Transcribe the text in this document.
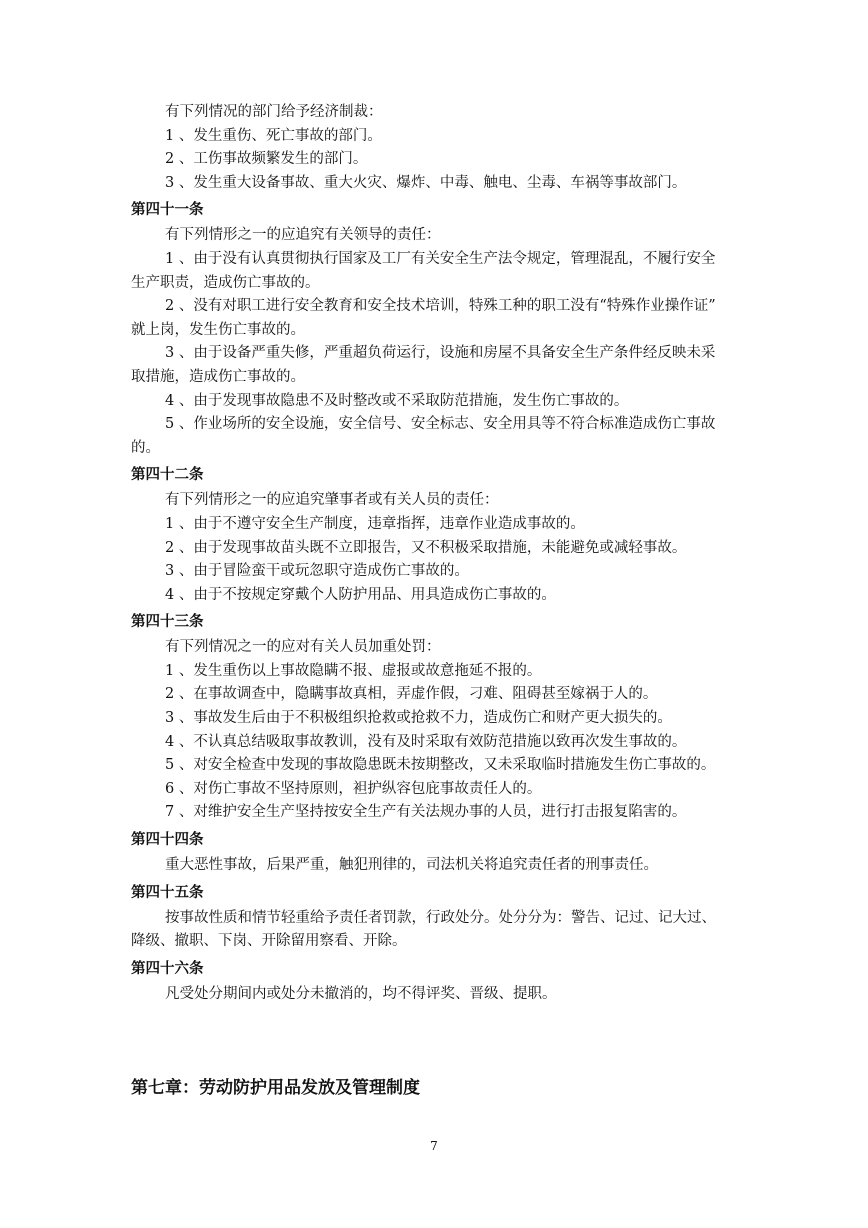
有下列情况的部门给予经济制裁：

1 、发生重伤、死亡事故的部门。

2 、工伤事故频繁发生的部门。

3 、发生重大设备事故、重大火灾、爆炸、中毒、触电、尘毒、车祸等事故部门。

第四十一条

有下列情形之一的应追究有关领导的责任：

1 、由于没有认真贯彻执行国家及工厂有关安全生产法令规定，管理混乱，不履行安全

生产职责，造成伤亡事故的。

2 、没有对职工进行安全教育和安全技术培训，特殊工种的职工没有“特殊作业操作证”

就上岗，发生伤亡事故的。

3 、由于设备严重失修，严重超负荷运行，设施和房屋不具备安全生产条件经反映未采

取措施，造成伤亡事故的。

4 、由于发现事故隐患不及时整改或不采取防范措施，发生伤亡事故的。

5 、作业场所的安全设施，安全信号、安全标志、安全用具等不符合标准造成伤亡事故

的。

第四十二条

有下列情形之一的应追究肇事者或有关人员的责任：

1 、由于不遵守安全生产制度，违章指挥，违章作业造成事故的。

2 、由于发现事故苗头既不立即报告，又不积极采取措施，未能避免或减轻事故。

3 、由于冒险蛮干或玩忽职守造成伤亡事故的。

4 、由于不按规定穿戴个人防护用品、用具造成伤亡事故的。

第四十三条

有下列情况之一的应对有关人员加重处罚：

1 、发生重伤以上事故隐瞒不报、虚报或故意拖延不报的。

2 、在事故调查中，隐瞒事故真相，弄虚作假，刁难、阻碍甚至嫁祸于人的。

3 、事故发生后由于不积极组织抢救或抢救不力，造成伤亡和财产更大损失的。

4 、不认真总结吸取事故教训，没有及时采取有效防范措施以致再次发生事故的。

5 、对安全检查中发现的事故隐患既未按期整改，又未采取临时措施发生伤亡事故的。

6 、对伤亡事故不坚持原则，袒护纵容包庇事故责任人的。

7 、对维护安全生产坚持按安全生产有关法规办事的人员，进行打击报复陷害的。

第四十四条

重大恶性事故，后果严重，触犯刑律的，司法机关将追究责任者的刑事责任。

第四十五条

按事故性质和情节轻重给予责任者罚款，行政处分。处分分为：警告、记过、记大过、

降级、撤职、下岗、开除留用察看、开除。

第四十六条

凡受处分期间内或处分未撤消的，均不得评奖、晋级、提职。

第七章：劳动防护用品发放及管理制度
7
